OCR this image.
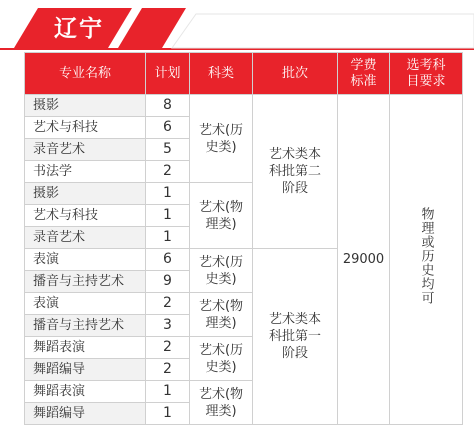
辽宁
专业名称	计划	科类	批次	学费标准	选考科目要求
摄影	8	艺术(历史类)	艺术类本科批第二阶段	29000	物理或历史均可
艺术与科技	6				
录音艺术	5				
书法学	2				
摄影	1	艺术(物理类)			
艺术与科技	1				
录音艺术	1				
表演	6	艺术(历史类)	艺术类本科批第一阶段		
播音与主持艺术	9				
表演	2	艺术(物理类)			
播音与主持艺术	3				
舞蹈表演	2	艺术(历史类)			
舞蹈编导	2				
舞蹈表演	1	艺术(物理类)			
舞蹈编导	1				
